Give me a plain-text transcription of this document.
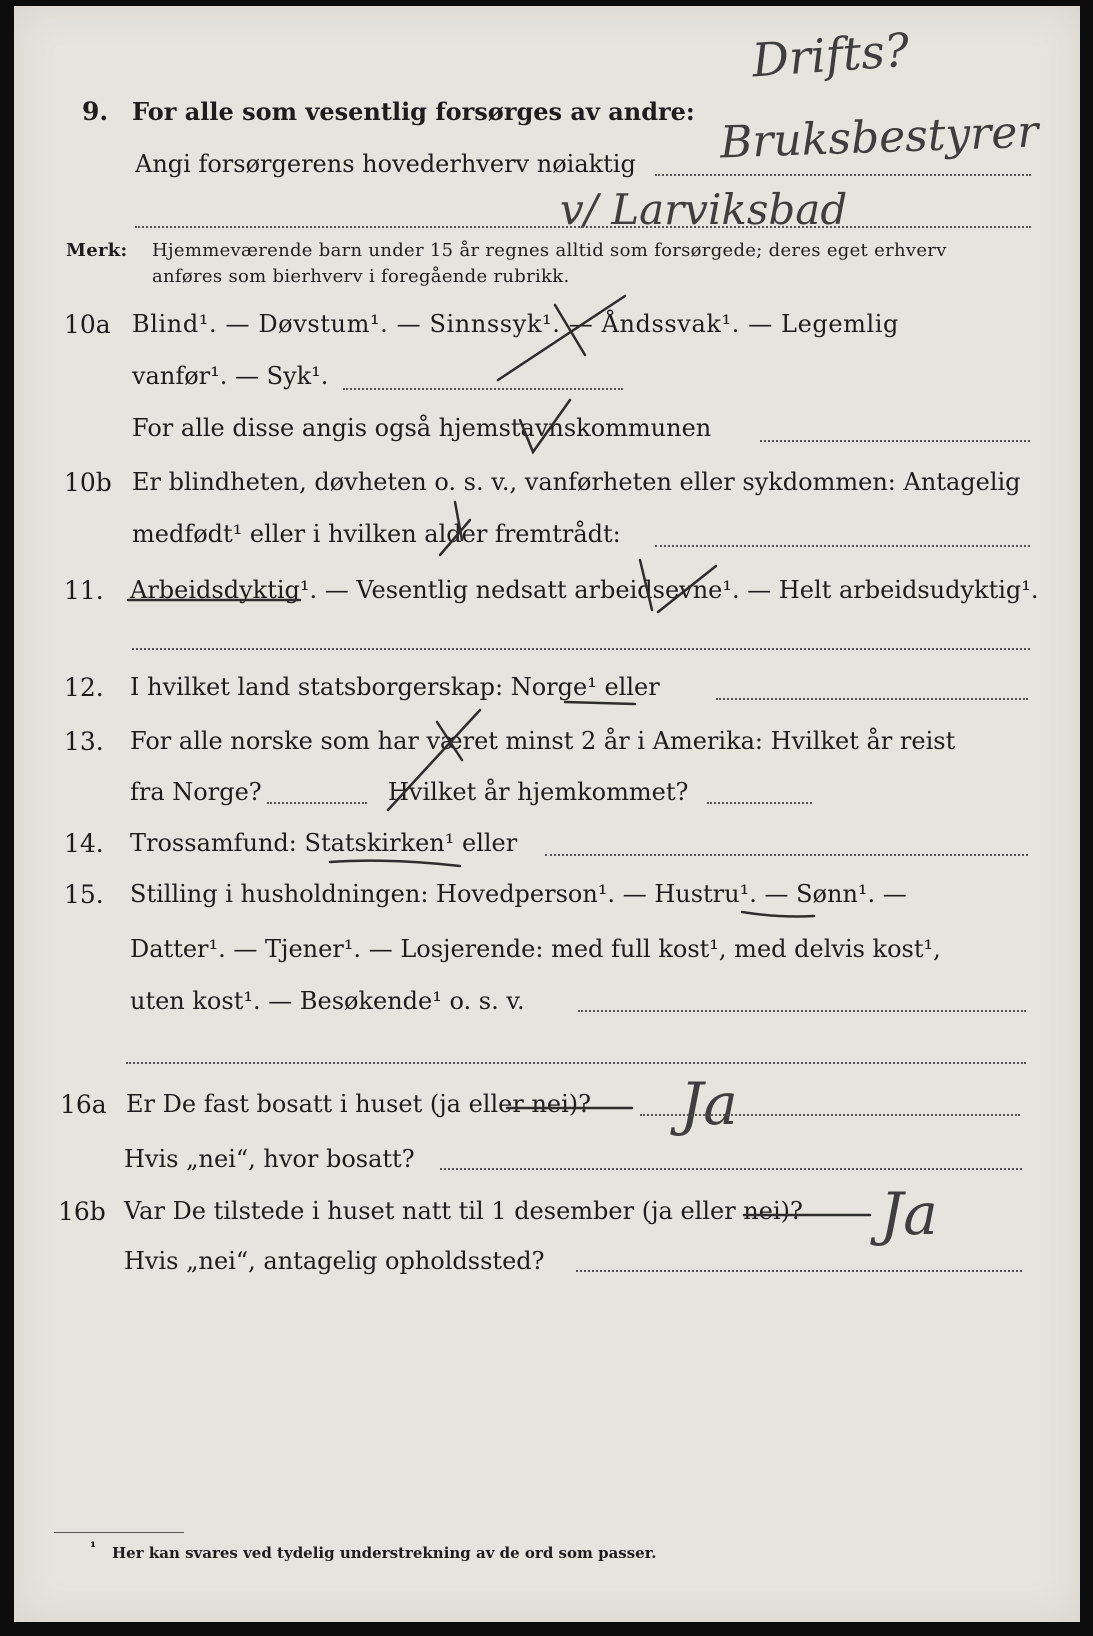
Drifts?
Bruksbestyrer
v/ Larviksbad
Ja
Ja
9. For alle som vesentlig forsørges av andre:
Angi forsørgerens hovederhverv nøiaktig
Merk: Hjemmeværende barn under 15 år regnes alltid som forsørgede; deres eget erhverv
anføres som bierhverv i foregående rubrikk.
10a Blind¹. — Døvstum¹. — Sinnssyk¹. — Åndssvak¹. — Legemlig
vanfør¹. — Syk¹.
For alle disse angis også hjemstavnskommunen
10b Er blindheten, døvheten o. s. v., vanførheten eller sykdommen: Antagelig
medfødt¹ eller i hvilken alder fremtrådt:
11. Arbeidsdyktig¹. — Vesentlig nedsatt arbeidsevne¹. — Helt arbeidsudyktig¹.
12. I hvilket land statsborgerskap: Norge¹ eller
13. For alle norske som har været minst 2 år i Amerika: Hvilket år reist
fra Norge?	Hvilket år hjemkommet?
14. Trossamfund: Statskirken¹ eller
15. Stilling i husholdningen: Hovedperson¹. — Hustru¹. — Sønn¹. —
Datter¹. — Tjener¹. — Losjerende: med full kost¹, med delvis kost¹,
uten kost¹. — Besøkende¹ o. s. v.
16a Er De fast bosatt i huset (ja eller nei)?
Hvis „nei“, hvor bosatt?
16b Var De tilstede i huset natt til 1 desember (ja eller nei)?
Hvis „nei“, antagelig opholdssted?
¹ Her kan svares ved tydelig understrekning av de ord som passer.
